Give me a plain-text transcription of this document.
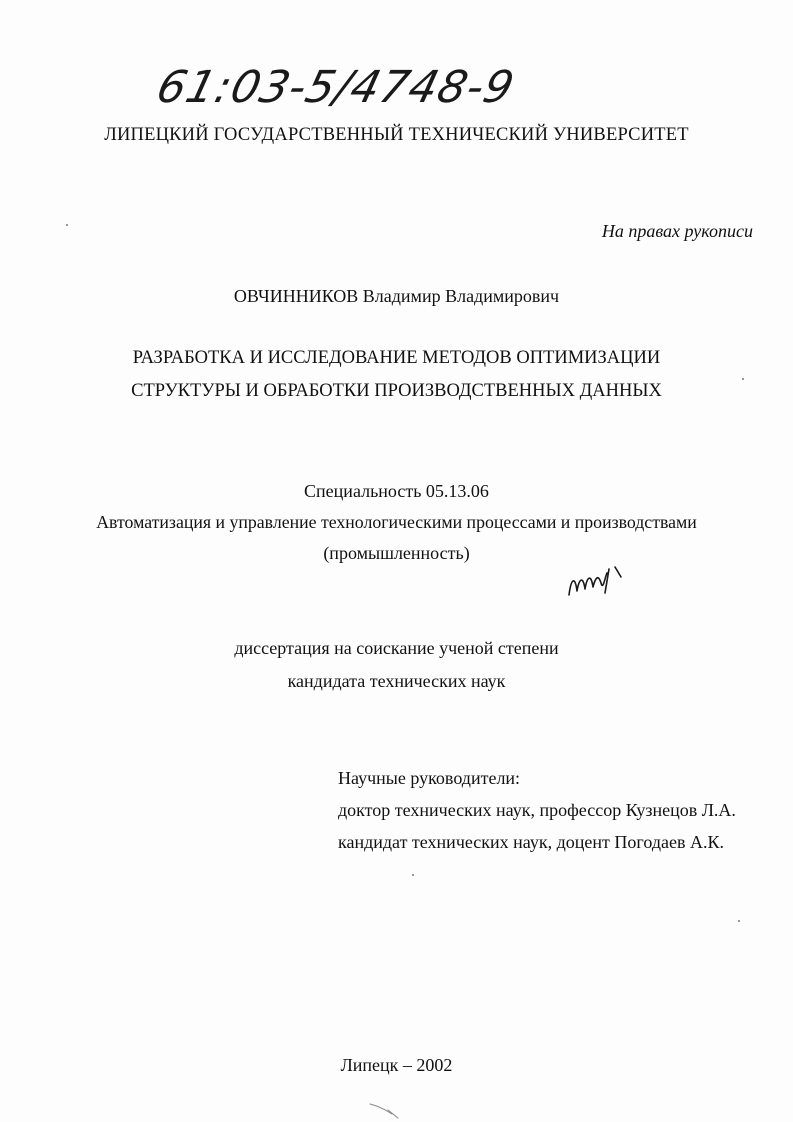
61:03-5/4748-9
ЛИПЕЦКИЙ ГОСУДАРСТВЕННЫЙ ТЕХНИЧЕСКИЙ УНИВЕРСИТЕТ
На правах рукописи
ОВЧИННИКОВ Владимир Владимирович
РАЗРАБОТКА И ИССЛЕДОВАНИЕ МЕТОДОВ ОПТИМИЗАЦИИ
СТРУКТУРЫ И ОБРАБОТКИ ПРОИЗВОДСТВЕННЫХ ДАННЫХ
Специальность 05.13.06
Автоматизация и управление технологическими процессами и производствами
(промышленность)
диссертация на соискание ученой степени
кандидата технических наук
Научные руководители:
доктор технических наук, профессор Кузнецов Л.А.
кандидат технических наук, доцент Погодаев А.К.
Липецк – 2002
